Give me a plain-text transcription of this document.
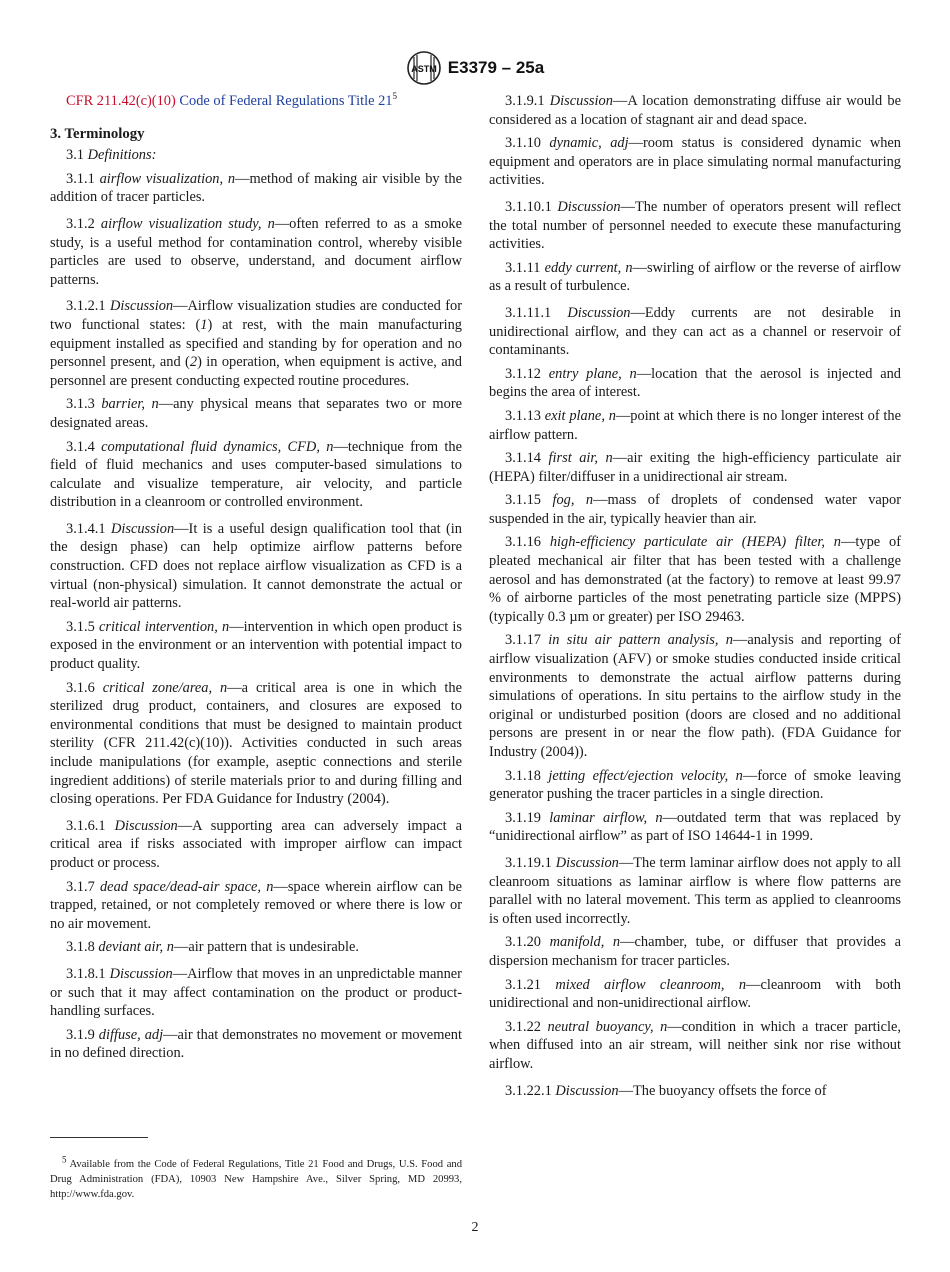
ASTM E3379 – 25a

CFR 211.42(c)(10) Code of Federal Regulations Title $21^5$

3. Terminology

3.1 Definitions:

3.1.1 airflow visualization, n—method of making air visible by the addition of tracer particles.

3.1.2 airflow visualization study, n—often referred to as a smoke study, is a useful method for contamination control, whereby visible particles are used to observe, understand, and document airflow patterns.

3.1.2.1 Discussion—Airflow visualization studies are conducted for two functional states: (1) at rest, with the main manufacturing equipment installed as specified and standing by for operation and no personnel present, and (2) in operation, when equipment is active, and personnel are present conducting expected routine procedures.

3.1.3 barrier, n—any physical means that separates two or more designated areas.

3.1.4 computational fluid dynamics, CFD, n—technique from the field of fluid mechanics and uses computer-based simulations to calculate and visualize temperature, air velocity, and particle distribution in a cleanroom or controlled environment.

3.1.4.1 Discussion—It is a useful design qualification tool that (in the design phase) can help optimize airflow patterns before construction. CFD does not replace airflow visualization as CFD is a virtual (non-physical) simulation. It cannot demonstrate the actual or real-world air patterns.

3.1.5 critical intervention, n—intervention in which open product is exposed in the environment or an intervention with potential impact to product quality.

3.1.6 critical zone/area, n—a critical area is one in which the sterilized drug product, containers, and closures are exposed to environmental conditions that must be designed to maintain product sterility (CFR 211.42(c)(10)). Activities conducted in such areas include manipulations (for example, aseptic connections and sterile ingredient additions) of sterile materials prior to and during filling and closing operations. Per FDA Guidance for Industry (2004).

3.1.6.1 Discussion—A supporting area can adversely impact a critical area if risks associated with improper airflow can impact product or process.

3.1.7 dead space/dead-air space, n—space wherein airflow can be trapped, retained, or not completely removed or where there is low or no air movement.

3.1.8 deviant air, n—air pattern that is undesirable.

3.1.8.1 Discussion—Airflow that moves in an unpredictable manner or such that it may affect contamination on the product or product-handling surfaces.

3.1.9 diffuse, adj—air that demonstrates no movement or movement in no defined direction.

$^5$ Available from the Code of Federal Regulations, Title 21 Food and Drugs, U.S. Food and Drug Administration (FDA), 10903 New Hampshire Ave., Silver Spring, MD 20993, http://www.fda.gov.

3.1.9.1 Discussion—A location demonstrating diffuse air would be considered as a location of stagnant air and dead space.

3.1.10 dynamic, adj—room status is considered dynamic when equipment and operators are in place simulating normal manufacturing activities.

3.1.10.1 Discussion—The number of operators present will reflect the total number of personnel needed to execute these manufacturing activities.

3.1.11 eddy current, n—swirling of airflow or the reverse of airflow as a result of turbulence.

3.1.11.1 Discussion—Eddy currents are not desirable in unidirectional airflow, and they can act as a channel or reservoir of contaminants.

3.1.12 entry plane, n—location that the aerosol is injected and begins the area of interest.

3.1.13 exit plane, n—point at which there is no longer interest of the airflow pattern.

3.1.14 first air, n—air exiting the high-efficiency particulate air (HEPA) filter/diffuser in a unidirectional air stream.

3.1.15 fog, n—mass of droplets of condensed water vapor suspended in the air, typically heavier than air.

3.1.16 high-efficiency particulate air (HEPA) filter, n—type of pleated mechanical air filter that has been tested with a challenge aerosol and has demonstrated (at the factory) to remove at least 99.97 % of airborne particles of the most penetrating particle size (MPPS) (typically 0.3 µm or greater) per ISO 29463.

3.1.17 in situ air pattern analysis, n—analysis and reporting of airflow visualization (AFV) or smoke studies conducted inside critical environments to demonstrate the actual airflow patterns during simulations of operations. In situ pertains to the airflow study in the original or undisturbed position (doors are closed and no additional persons are present in or near the flow path). (FDA Guidance for Industry (2004)).

3.1.18 jetting effect/ejection velocity, n—force of smoke leaving generator pushing the tracer particles in a single direction.

3.1.19 laminar airflow, n—outdated term that was replaced by “unidirectional airflow” as part of ISO 14644-1 in 1999.

3.1.19.1 Discussion—The term laminar airflow does not apply to all cleanroom situations as laminar airflow is where flow patterns are parallel with no lateral movement. This term as applied to cleanrooms is often used incorrectly.

3.1.20 manifold, n—chamber, tube, or diffuser that provides a dispersion mechanism for tracer particles.

3.1.21 mixed airflow cleanroom, n—cleanroom with both unidirectional and non-unidirectional airflow.

3.1.22 neutral buoyancy, n—condition in which a tracer particle, when diffused into an air stream, will neither sink nor rise without airflow.

3.1.22.1 Discussion—The buoyancy offsets the force of

2
